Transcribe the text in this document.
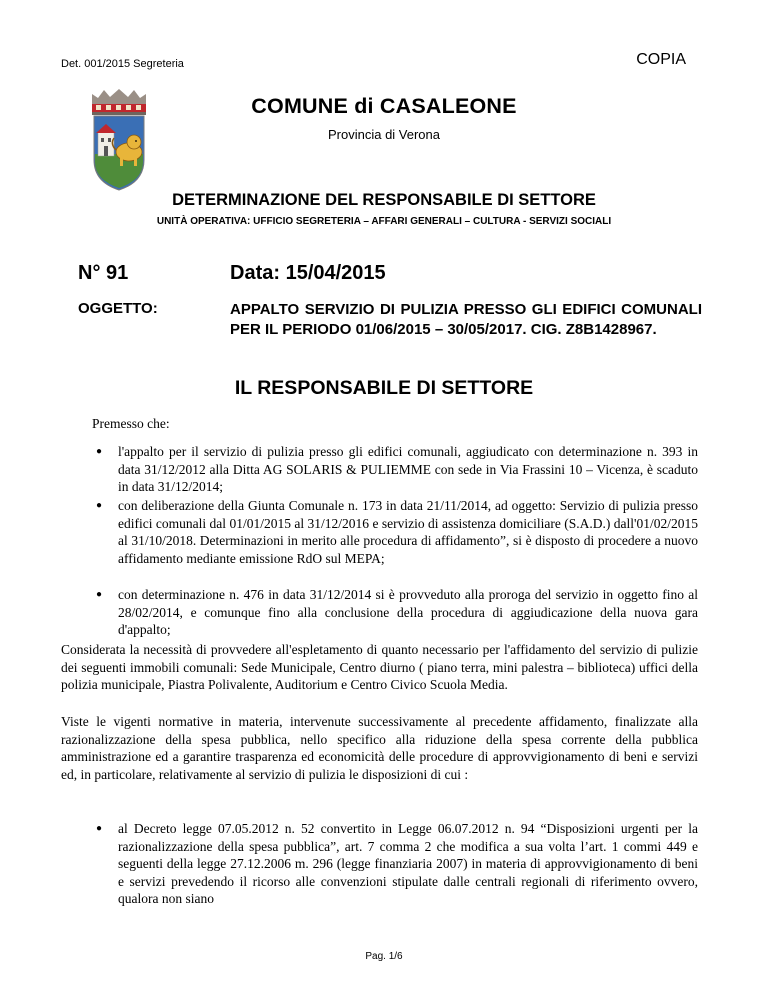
Det. 001/2015 Segreteria	COPIA
COMUNE di CASALEONE
Provincia di Verona
DETERMINAZIONE DEL RESPONSABILE DI SETTORE
UNITÀ OPERATIVA: UFFICIO SEGRETERIA – AFFARI GENERALI – CULTURA - SERVIZI SOCIALI
N° 91	Data: 15/04/2015
OGGETTO:	APPALTO SERVIZIO DI PULIZIA PRESSO GLI EDIFICI COMUNALI PER IL PERIODO 01/06/2015 – 30/05/2017. CIG. Z8B1428967.
IL RESPONSABILE DI SETTORE
Premesso che:
● l'appalto per il servizio di pulizia presso gli edifici comunali, aggiudicato con determinazione n. 393 in data 31/12/2012 alla Ditta AG SOLARIS & PULIEMME con sede in Via Frassini 10 – Vicenza, è scaduto in data 31/12/2014;
● con deliberazione della Giunta Comunale n. 173 in data 21/11/2014, ad oggetto: Servizio di pulizia presso edifici comunali dal 01/01/2015 al 31/12/2016 e servizio di assistenza domiciliare (S.A.D.) dall'01/02/2015 al 31/10/2018. Determinazioni in merito alle procedura di affidamento”, si è disposto di procedere a nuovo affidamento mediante emissione RdO sul MEPA;
● con determinazione n. 476 in data 31/12/2014 si è provveduto alla proroga del servizio in oggetto fino al 28/02/2014, e comunque fino alla conclusione della procedura di aggiudicazione della nuova gara d'appalto;
Considerata la necessità di provvedere all'espletamento di quanto necessario per l'affidamento del servizio di pulizie dei seguenti immobili comunali: Sede Municipale, Centro diurno ( piano terra, mini palestra – biblioteca) uffici della polizia municipale, Piastra Polivalente, Auditorium e Centro Civico Scuola Media.
Viste le vigenti normative in materia, intervenute successivamente al precedente affidamento, finalizzate alla razionalizzazione della spesa pubblica, nello specifico alla riduzione della spesa corrente della pubblica amministrazione ed a garantire trasparenza ed economicità delle procedure di approvvigionamento di beni e servizi ed, in particolare, relativamente al servizio di pulizia le disposizioni di cui :
● al Decreto legge 07.05.2012 n. 52 convertito in Legge 06.07.2012 n. 94 “Disposizioni urgenti per la razionalizzazione della spesa pubblica”, art. 7 comma 2 che modifica a sua volta l’art. 1 commi 449 e seguenti della legge 27.12.2006 m. 296 (legge finanziaria 2007) in materia di approvvigionamento di beni e servizi prevedendo il ricorso alle convenzioni stipulate dalle centrali regionali di riferimento ovvero, qualora non siano
Pag. 1/6
